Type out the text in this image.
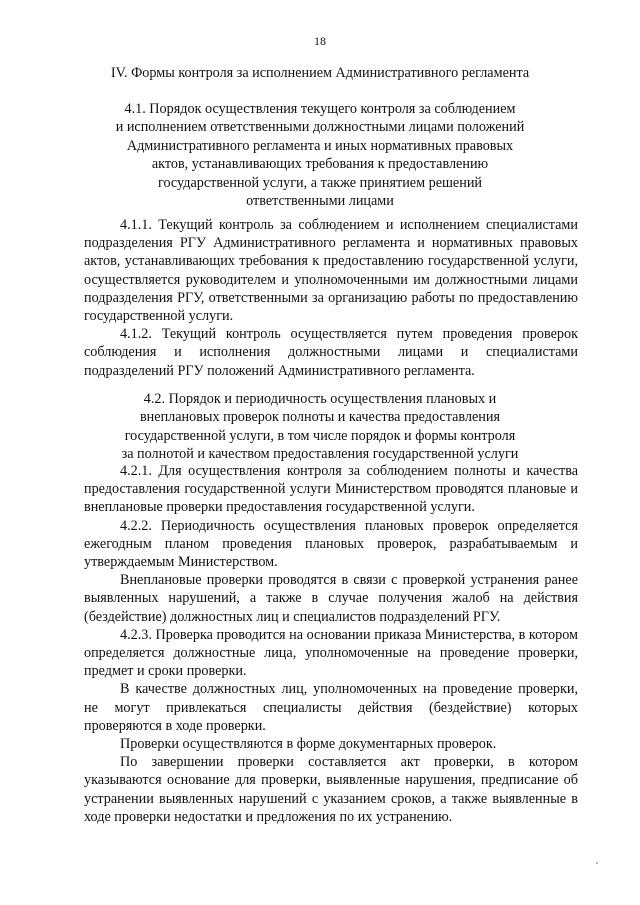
18
IV. Формы контроля за исполнением Административного регламента
4.1. Порядок осуществления текущего контроля за соблюдением
и исполнением ответственными должностными лицами положений
Административного регламента и иных нормативных правовых
актов, устанавливающих требования к предоставлению
государственной услуги, а также принятием решений
ответственными лицами

4.1.1. Текущий контроль за соблюдением и исполнением специалистами подразделения РГУ Административного регламента и нормативных правовых актов, устанавливающих требования к предоставлению государственной услуги, осуществляется руководителем и уполномоченными им должностными лицами подразделения РГУ, ответственными за организацию работы по предоставлению государственной услуги.

4.1.2. Текущий контроль осуществляется путем проведения проверок соблюдения и исполнения должностными лицами и специалистами подразделений РГУ положений Административного регламента.

4.2. Порядок и периодичность осуществления плановых и
внеплановых проверок полноты и качества предоставления
государственной услуги, в том числе порядок и формы контроля
за полнотой и качеством предоставления государственной услуги

4.2.1. Для осуществления контроля за соблюдением полноты и качества предоставления государственной услуги Министерством проводятся плановые и внеплановые проверки предоставления государственной услуги.

4.2.2. Периодичность осуществления плановых проверок определяется ежегодным планом проведения плановых проверок, разрабатываемым и утверждаемым Министерством.

Внеплановые проверки проводятся в связи с проверкой устранения ранее выявленных нарушений, а также в случае получения жалоб на действия (бездействие) должностных лиц и специалистов подразделений РГУ.

4.2.3. Проверка проводится на основании приказа Министерства, в котором определяется должностные лица, уполномоченные на проведение проверки, предмет и сроки проверки.

В качестве должностных лиц, уполномоченных на проведение проверки, не могут привлекаться специалисты действия (бездействие) которых проверяются в ходе проверки.

Проверки осуществляются в форме документарных проверок.

По завершении проверки составляется акт проверки, в котором указываются основание для проверки, выявленные нарушения, предписание об устранении выявленных нарушений с указанием сроков, а также выявленные в ходе проверки недостатки и предложения по их устранению.
